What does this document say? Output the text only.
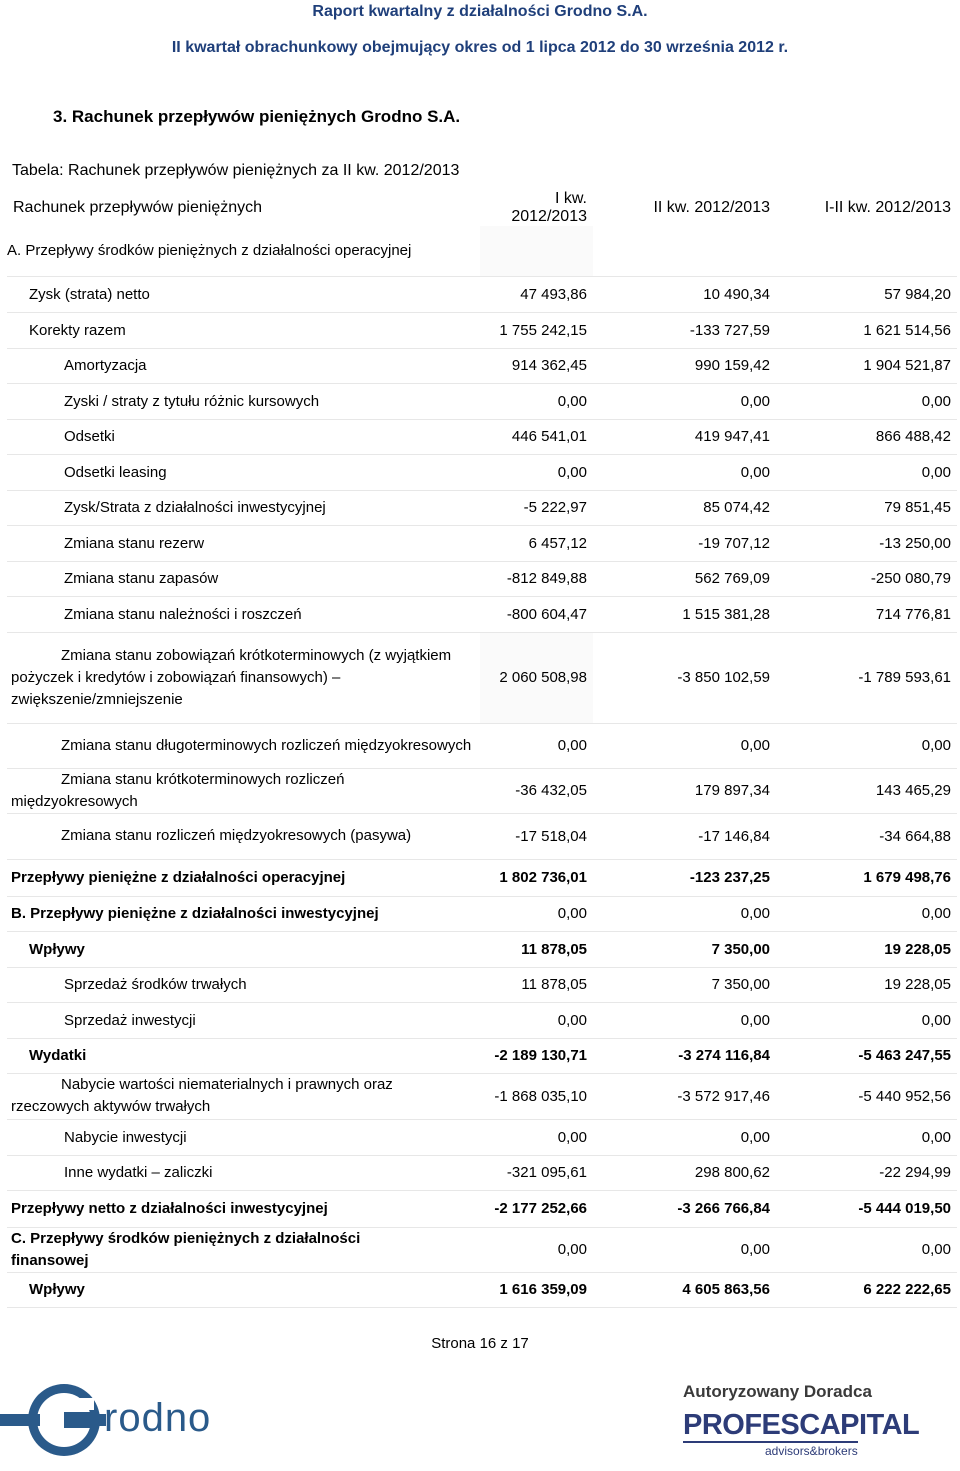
Raport kwartalny z działalności Grodno S.A.
II kwartał obrachunkowy obejmujący okres od 1 lipca 2012 do 30 września 2012 r.
3. Rachunek przepływów pieniężnych Grodno S.A.
Tabela: Rachunek przepływów pieniężnych za II kw. 2012/2013
Rachunek przepływów pieniężnych	I kw. 2012/2013	II kw. 2012/2013	I-II kw. 2012/2013
A. Przepływy środków pieniężnych z działalności operacyjnej			
Zysk (strata) netto	47 493,86	10 490,34	57 984,20
Korekty razem	1 755 242,15	-133 727,59	1 621 514,56
Amortyzacja	914 362,45	990 159,42	1 904 521,87
Zyski / straty z tytułu różnic kursowych	0,00	0,00	0,00
Odsetki	446 541,01	419 947,41	866 488,42
Odsetki leasing	0,00	0,00	0,00
Zysk/Strata z działalności inwestycyjnej	-5 222,97	85 074,42	79 851,45
Zmiana stanu rezerw	6 457,12	-19 707,12	-13 250,00
Zmiana stanu zapasów	-812 849,88	562 769,09	-250 080,79
Zmiana stanu należności i roszczeń	-800 604,47	1 515 381,28	714 776,81

Zmiana stanu zobowiązań krótkoterminowych (z wyjątkiem pożyczek i kredytów i zobowiązań finansowych) – zwiększenie/zmniejszenie	2 060 508,98	-3 850 102,59	-1 789 593,61

Zmiana stanu długoterminowych rozliczeń międzyokresowych	0,00	0,00	0,00

Zmiana stanu krótkoterminowych rozliczeń międzyokresowych	-36 432,05	179 897,34	143 465,29

Zmiana stanu rozliczeń międzyokresowych (pasywa)	-17 518,04	-17 146,84	-34 664,88
Przepływy pieniężne z działalności operacyjnej	1 802 736,01	-123 237,25	1 679 498,76
B. Przepływy pieniężne z działalności inwestycyjnej	0,00	0,00	0,00
Wpływy	11 878,05	7 350,00	19 228,05
Sprzedaż środków trwałych	11 878,05	7 350,00	19 228,05
Sprzedaż inwestycji	0,00	0,00	0,00
Wydatki	-2 189 130,71	-3 274 116,84	-5 463 247,55

Nabycie wartości niematerialnych i prawnych oraz rzeczowych aktywów trwałych	-1 868 035,10	-3 572 917,46	-5 440 952,56
Nabycie inwestycji	0,00	0,00	0,00
Inne wydatki – zaliczki	-321 095,61	298 800,62	-22 294,99
Przepływy netto z działalności inwestycyjnej	-2 177 252,66	-3 266 766,84	-5 444 019,50
C. Przepływy środków pieniężnych z działalności finansowej	0,00	0,00	0,00
Wpływy	1 616 359,09	4 605 863,56	6 222 222,65
Strona 16 z 17
rodno
Autoryzowany Doradca
PROFESCAPITAL
advisors&brokers
